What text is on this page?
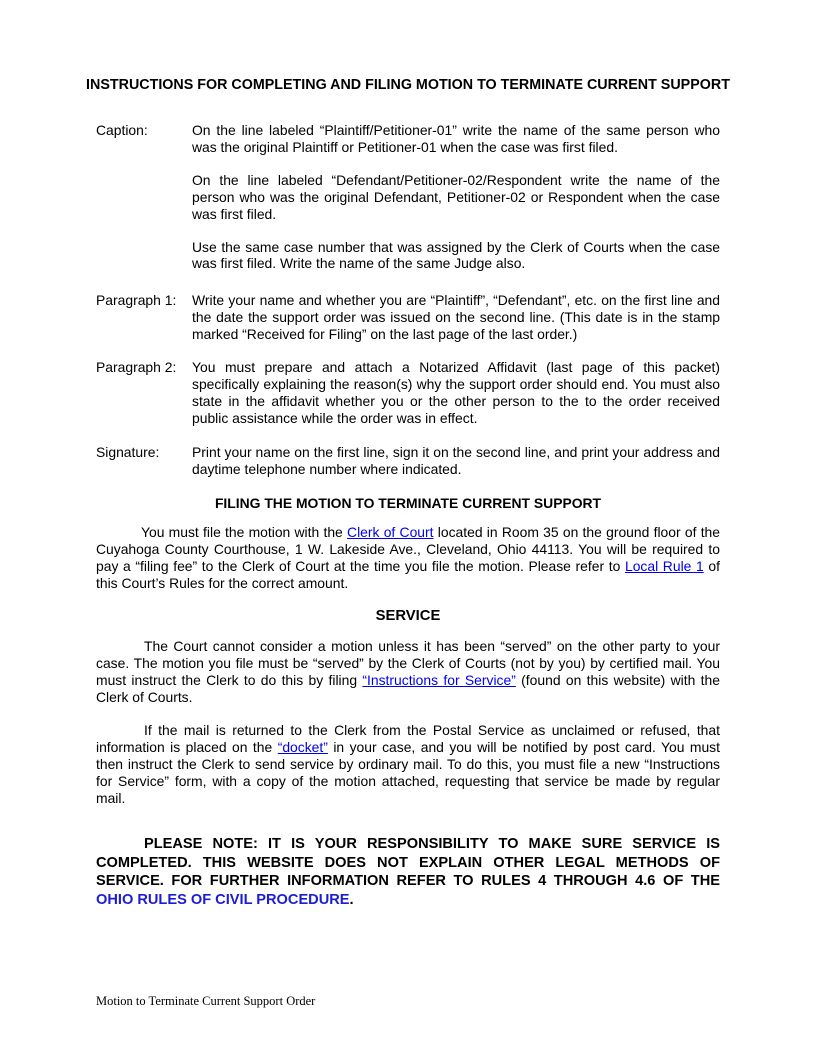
INSTRUCTIONS FOR COMPLETING AND FILING MOTION TO TERMINATE CURRENT SUPPORT
Caption:	On the line labeled “Plaintiff/Petitioner-01” write the name of the same person who was the original Plaintiff or Petitioner-01 when the case was first filed.

On the line labeled “Defendant/Petitioner-02/Respondent write the name of the person who was the original Defendant, Petitioner-02 or Respondent when the case was first filed.

Use the same case number that was assigned by the Clerk of Courts when the case was first filed. Write the name of the same Judge also.

Paragraph 1: Write your name and whether you are “Plaintiff”, “Defendant”, etc. on the first line and the date the support order was issued on the second line. (This date is in the stamp marked “Received for Filing” on the last page of the last order.)

Paragraph 2: You must prepare and attach a Notarized Affidavit (last page of this packet) specifically explaining the reason(s) why the support order should end. You must also state in the affidavit whether you or the other person to the to the order received public assistance while the order was in effect.

Signature: Print your name on the first line, sign it on the second line, and print your address and daytime telephone number where indicated.

FILING THE MOTION TO TERMINATE CURRENT SUPPORT

You must file the motion with the Clerk of Court located in Room 35 on the ground floor of the Cuyahoga County Courthouse, 1 W. Lakeside Ave., Cleveland, Ohio 44113. You will be required to pay a “filing fee” to the Clerk of Court at the time you file the motion. Please refer to Local Rule 1 of this Court’s Rules for the correct amount.

SERVICE

The Court cannot consider a motion unless it has been “served” on the other party to your case. The motion you file must be “served” by the Clerk of Courts (not by you) by certified mail. You must instruct the Clerk to do this by filing “Instructions for Service” (found on this website) with the Clerk of Courts.

If the mail is returned to the Clerk from the Postal Service as unclaimed or refused, that information is placed on the “docket” in your case, and you will be notified by post card. You must then instruct the Clerk to send service by ordinary mail. To do this, you must file a new “Instructions for Service” form, with a copy of the motion attached, requesting that service be made by regular mail.

PLEASE NOTE: IT IS YOUR RESPONSIBILITY TO MAKE SURE SERVICE IS COMPLETED. THIS WEBSITE DOES NOT EXPLAIN OTHER LEGAL METHODS OF SERVICE. FOR FURTHER INFORMATION REFER TO RULES 4 THROUGH 4.6 OF THE OHIO RULES OF CIVIL PROCEDURE.

Motion to Terminate Current Support Order
